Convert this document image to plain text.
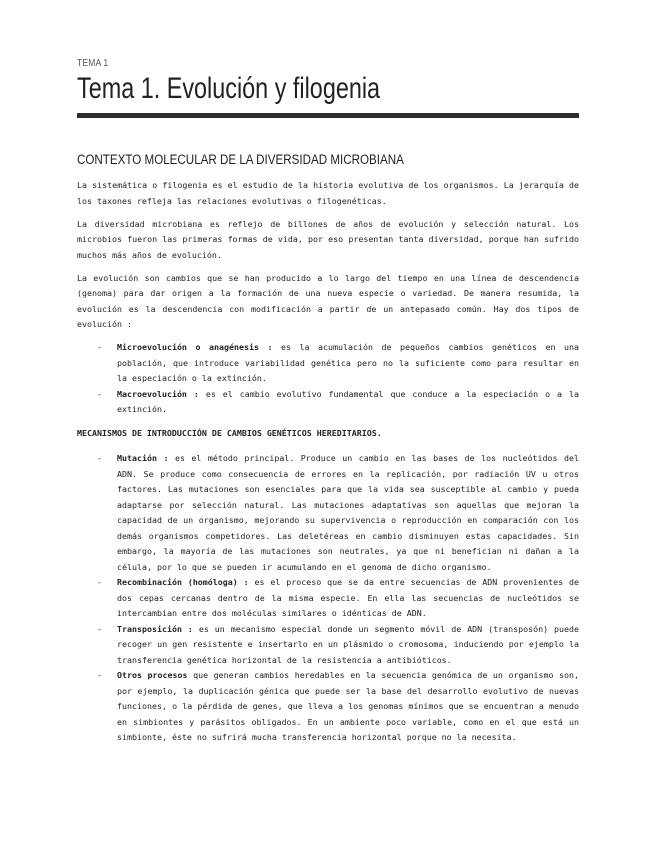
TEMA 1
Tema 1. Evolución y filogenia
CONTEXTO MOLECULAR DE LA DIVERSIDAD MICROBIANA

La sistemática o filogenia es el estudio de la historia evolutiva de los organismos. La jerarquía de los taxones refleja las relaciones evolutivas o filogenéticas.

La diversidad microbiana es reflejo de billones de años de evolución y selección natural. Los microbios fueron las primeras formas de vida, por eso presentan tanta diversidad, porque han sufrido muchos más años de evolución.

La evolución son cambios que se han producido a lo largo del tiempo en una línea de descendencia (genoma) para dar origen a la formación de una nueva especie o variedad. De manera resumida, la evolución es la descendencia con modificación a partir de un antepasado común. Hay dos tipos de evolución :

- Microevolución o anagénesis : es la acumulación de pequeños cambios genéticos en una población, que introduce variabilidad genética pero no la suficiente como para resultar en la especiación o la extinción.
- Macroevolución : es el cambio evolutivo fundamental que conduce a la especiación o a la extinción.
MECANISMOS DE INTRODUCCIÓN DE CAMBIOS GENÉTICOS HEREDITARIOS.
- Mutación : es el método principal. Produce un cambio en las bases de los nucleótidos del ADN. Se produce como consecuencia de errores en la replicación, por radiación UV u otros factores. Las mutaciones son esenciales para que la vida sea susceptible al cambio y pueda adaptarse por selección natural. Las mutaciones adaptativas son aquellas que mejoran la capacidad de un organismo, mejorando su supervivencia o reproducción en comparación con los demás organismos competidores. Las deletéreas en cambio disminuyen estas capacidades. Sin embargo, la mayoría de las mutaciones son neutrales, ya que ni benefician ni dañan a la célula, por lo que se pueden ir acumulando en el genoma de dicho organismo.
- Recombinación (homóloga) : es el proceso que se da entre secuencias de ADN provenientes de dos cepas cercanas dentro de la misma especie. En ella las secuencias de nucleótidos se intercambian entre dos moléculas similares o idénticas de ADN.
- Transposición : es un mecanismo especial donde un segmento móvil de ADN (transposón) puede recoger un gen resistente e insertarlo en un plásmido o cromosoma, induciendo por ejemplo la transferencia genética horizontal de la resistencia a antibióticos.
- Otros procesos que generan cambios heredables en la secuencia genómica de un organismo son, por ejemplo, la duplicación génica que puede ser la base del desarrollo evolutivo de nuevas funciones, o la pérdida de genes, que lleva a los genomas mínimos que se encuentran a menudo en simbiontes y parásitos obligados. En un ambiente poco variable, como en el que está un simbionte, éste no sufrirá mucha transferencia horizontal porque no la necesita.
